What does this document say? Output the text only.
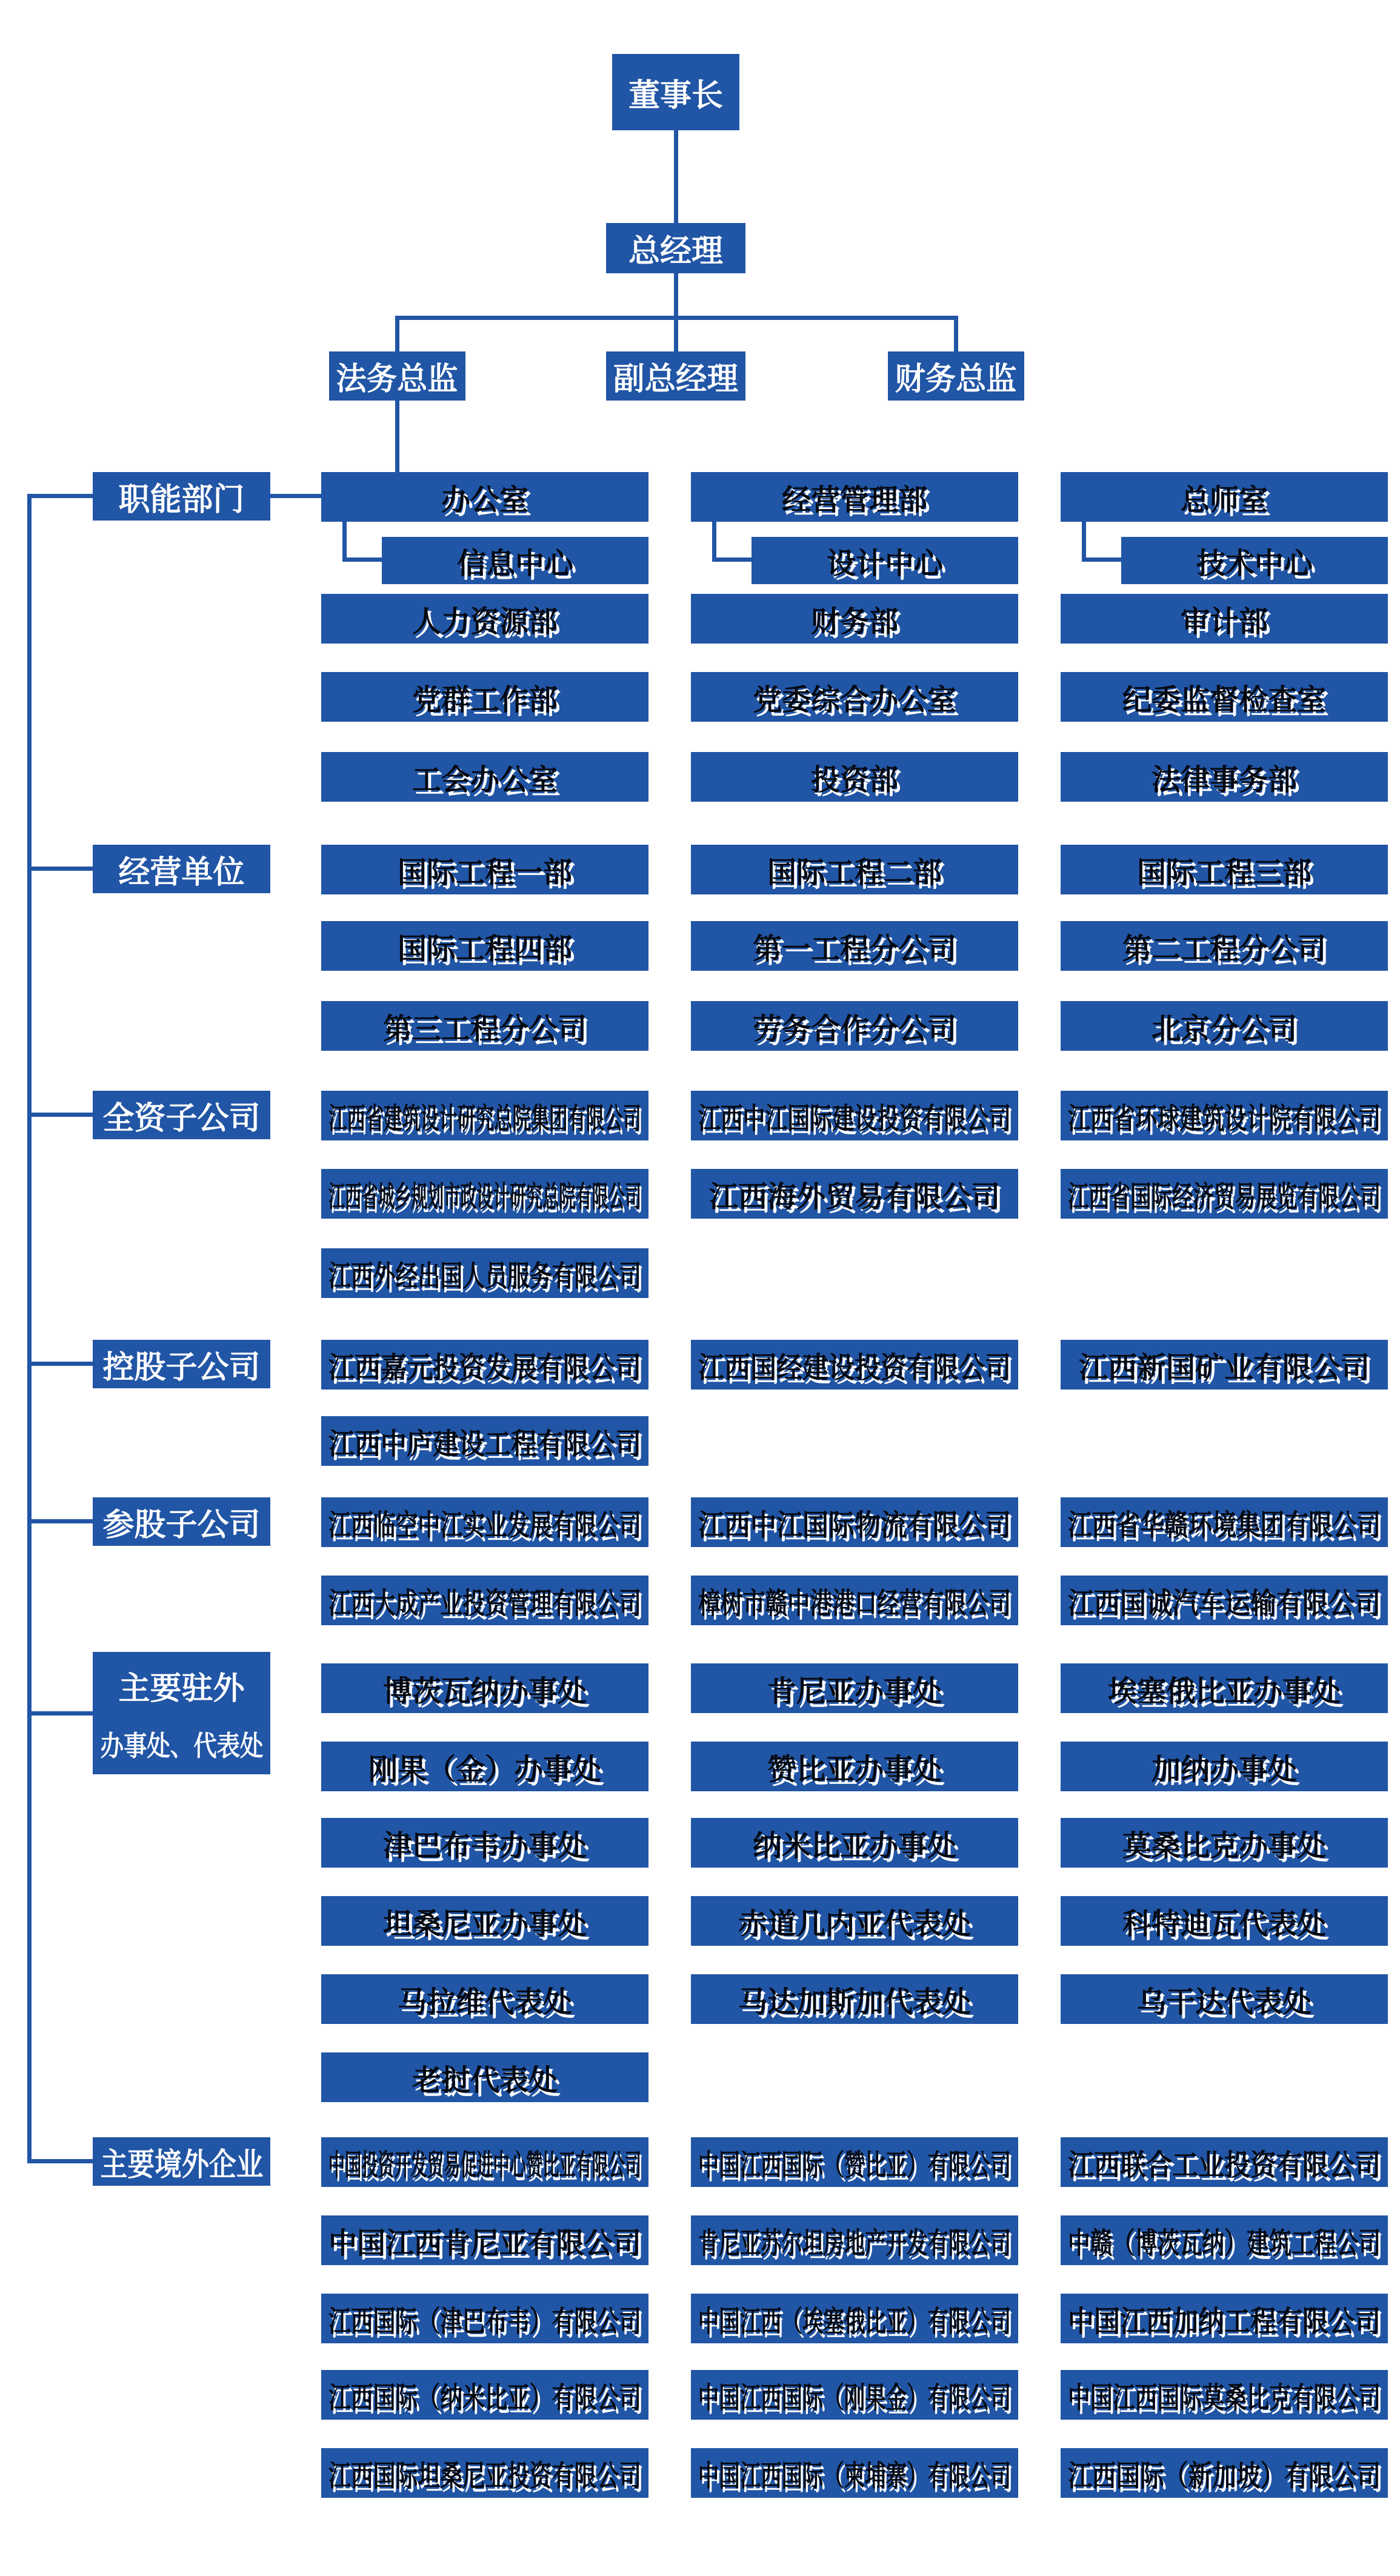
董事长
总经理
法务总监	副总经理	财务总监
职能部门	办公室	经营管理部	总师室
信息中心	设计中心	技术中心
人力资源部	财务部	审计部
党群工作部	党委综合办公室	纪委监督检查室
工会办公室	投资部	法律事务部
经营单位	国际工程一部	国际工程二部	国际工程三部
国际工程四部	第一工程分公司	第二工程分公司
第三工程分公司	劳务合作分公司	北京分公司
全资子公司 江西省建筑设计研究总院集团有限公司 江西中江国际建设投资有限公司 江西省环球建筑设计院有限公司
江西省城乡规划市政设计研究总院有限公司 江西海外贸易有限公司 江西省国际经济贸易展览有限公司
江西外经出国人员服务有限公司
控股子公司 江西嘉元投资发展有限公司 江西国经建设投资有限公司 江西新国矿业有限公司
江西中庐建设工程有限公司
参股子公司 江西临空中江实业发展有限公司 江西中江国际物流有限公司 江西省华赣环境集团有限公司
江西大成产业投资管理有限公司 樟树市赣中港港口经营有限公司 江西国诚汽车运输有限公司
主要驻外
办事处、代表处
博茨瓦纳办事处	肯尼亚办事处	埃塞俄比亚办事处
刚果（金）办事处	赞比亚办事处	加纳办事处
津巴布韦办事处	纳米比亚办事处	莫桑比克办事处
坦桑尼亚办事处	赤道几内亚代表处	科特迪瓦代表处
马拉维代表处	马达加斯加代表处	乌干达代表处
老挝代表处
主要境外企业 中国投资开发贸易促进中心赞比亚有限公司 中国江西国际（赞比亚）有限公司 江西联合工业投资有限公司
中国江西肯尼亚有限公司 肯尼亚苏尔坦房地产开发有限公司 中赣（博茨瓦纳）建筑工程公司
江西国际（津巴布韦）有限公司 中国江西（埃塞俄比亚）有限公司 中国江西加纳工程有限公司
江西国际（纳米比亚）有限公司 中国江西国际（刚果金）有限公司 中国江西国际莫桑比克有限公司
江西国际坦桑尼亚投资有限公司 中国江西国际（柬埔寨）有限公司 江西国际（新加坡）有限公司
